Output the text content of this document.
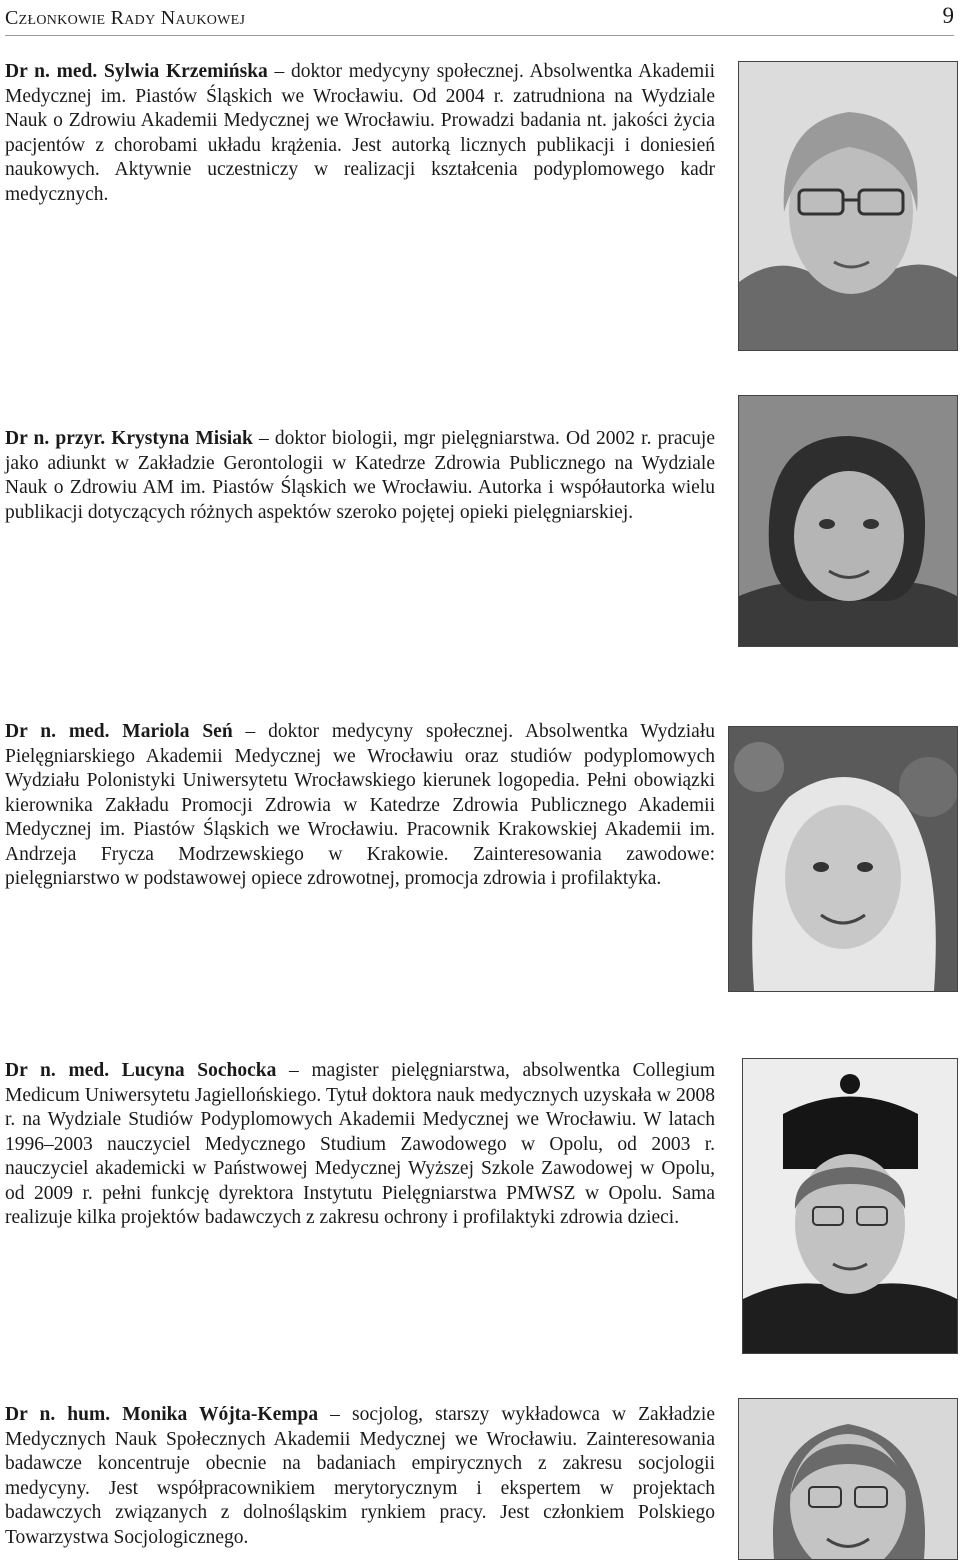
Członkowie Rady Naukowej	9

Dr n. med. Sylwia Krzemińska – doktor medycyny społecznej. Absolwentka Akademii Medycznej im. Piastów Śląskich we Wrocławiu. Od 2004 r. zatrudniona na Wydziale Nauk o Zdrowiu Akademii Medycznej we Wrocławiu. Prowadzi badania nt. jakości życia pacjentów z chorobami układu krążenia. Jest autorką licznych publikacji i doniesień naukowych. Aktywnie uczestniczy w realizacji kształcenia podyplomowego kadr medycznych.

Dr n. przyr. Krystyna Misiak – doktor biologii, mgr pielęgniarstwa. Od 2002 r. pracuje jako adiunkt w Zakładzie Gerontologii w Katedrze Zdrowia Publicznego na Wydziale Nauk o Zdrowiu AM im. Piastów Śląskich we Wrocławiu. Autorka i współautorka wielu publikacji dotyczących różnych aspektów szeroko pojętej opieki pielęgniarskiej.

Dr n. med. Mariola Seń – doktor medycyny społecznej. Absolwentka Wydziału Pielęgniarskiego Akademii Medycznej we Wrocławiu oraz studiów podyplomowych Wydziału Polonistyki Uniwersytetu Wrocławskiego kierunek logopedia. Pełni obowiązki kierownika Zakładu Promocji Zdrowia w Katedrze Zdrowia Publicznego Akademii Medycznej im. Piastów Śląskich we Wrocławiu. Pracownik Krakowskiej Akademii im. Andrzeja Frycza Modrzewskiego w Krakowie. Zainteresowania zawodowe: pielęgniarstwo w podstawowej opiece zdrowotnej, promocja zdrowia i profilaktyka.

Dr n. med. Lucyna Sochocka – magister pielęgniarstwa, absolwentka Collegium Medicum Uniwersytetu Jagiellońskiego. Tytuł doktora nauk medycznych uzyskała w 2008 r. na Wydziale Studiów Podyplomowych Akademii Medycznej we Wrocławiu. W latach 1996–2003 nauczyciel Medycznego Studium Zawodowego w Opolu, od 2003 r. nauczyciel akademicki w Państwowej Medycznej Wyższej Szkole Zawodowej w Opolu, od 2009 r. pełni funkcję dyrektora Instytutu Pielęgniarstwa PMWSZ w Opolu. Sama realizuje kilka projektów badawczych z zakresu ochrony i profilaktyki zdrowia dzieci.

Dr n. hum. Monika Wójta-Kempa – socjolog, starszy wykładowca w Zakładzie Medycznych Nauk Społecznych Akademii Medycznej we Wrocławiu. Zainteresowania badawcze koncentruje obecnie na badaniach empirycznych z zakresu socjologii medycyny. Jest współpracownikiem merytorycznym i ekspertem w projektach badawczych związanych z dolnośląskim rynkiem pracy. Jest członkiem Polskiego Towarzystwa Socjologicznego.
